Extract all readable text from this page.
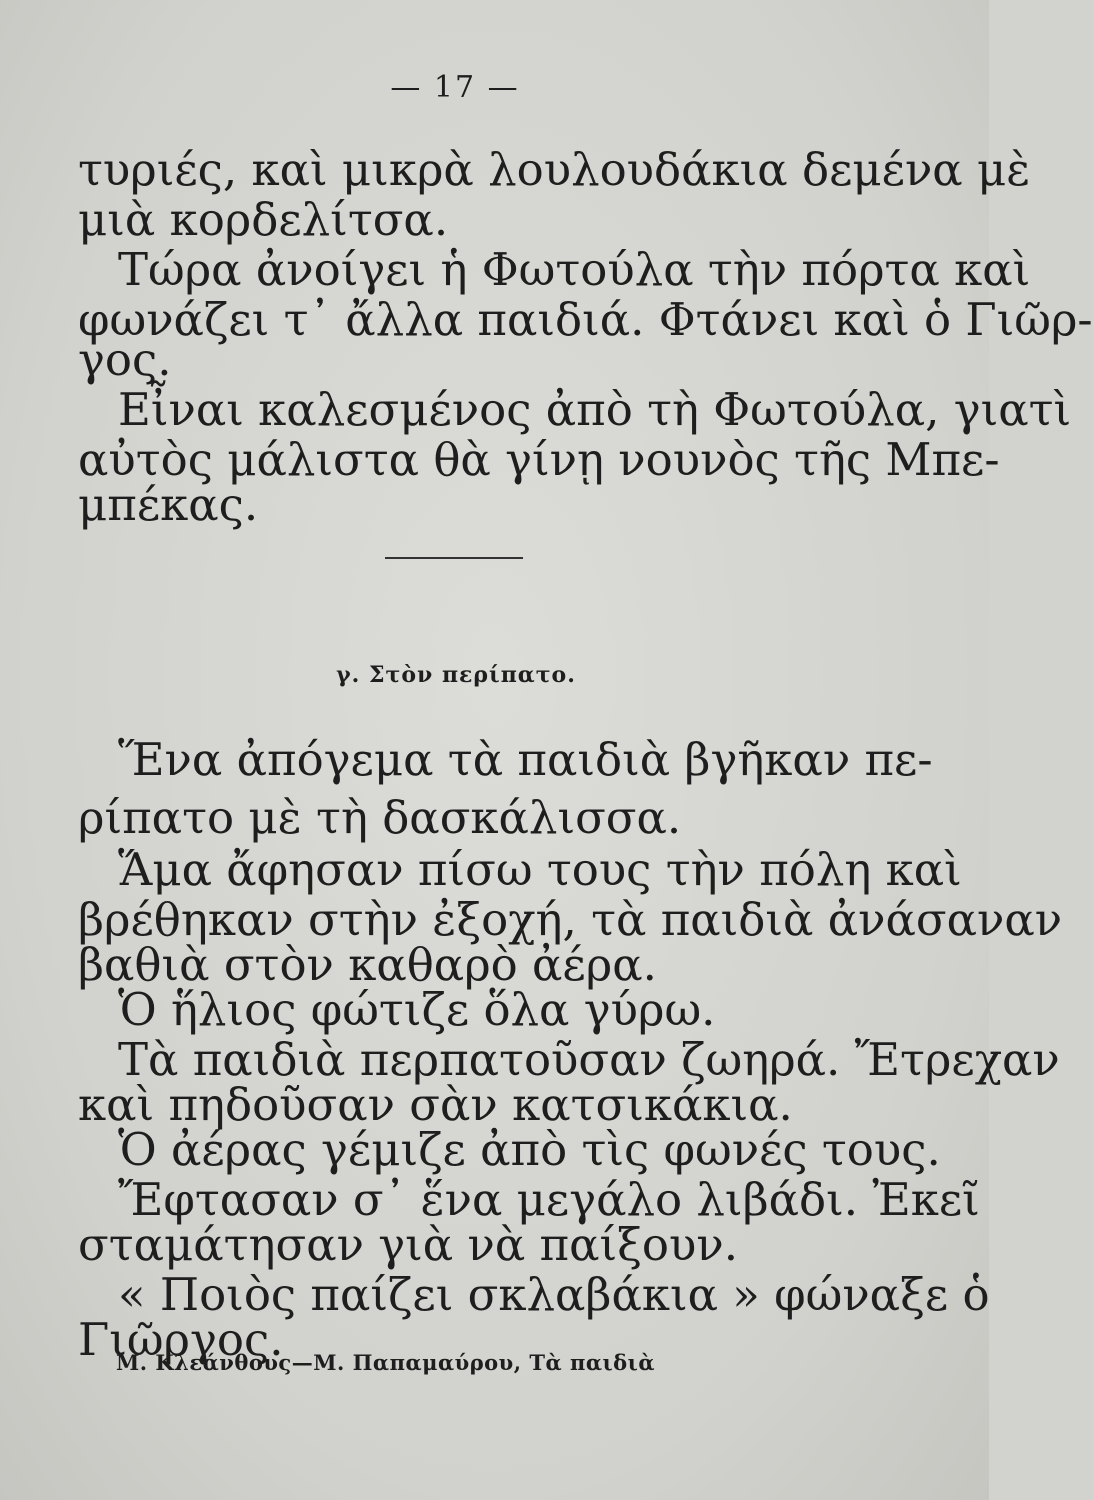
— 17 —
τυριές, καὶ μικρὰ λουλουδάκια δεμένα μὲ
μιὰ κορδελίτσα.
Τώρα ἀνοίγει ἡ Φωτούλα τὴν πόρτα καὶ
φωνάζει τ᾽ ἄλλα παιδιά. Φτάνει καὶ ὁ Γιῶρ-
γος.
Εἶναι καλεσμένος ἀπὸ τὴ Φωτούλα, γιατὶ
αὐτὸς μάλιστα θὰ γίνῃ νουνὸς τῆς Μπε-
μπέκας.
γ. Στὸν περίπατο.
Ἕνα ἀπόγεμα τὰ παιδιὰ βγῆκαν πε-
ρίπατο μὲ τὴ δασκάλισσα.
Ἅμα ἄφησαν πίσω τους τὴν πόλη καὶ
βρέθηκαν στὴν ἐξοχή, τὰ παιδιὰ ἀνάσαναν
βαθιὰ στὸν καθαρὸ ἀέρα.
Ὁ ἥλιος φώτιζε ὅλα γύρω.
Τὰ παιδιὰ περπατοῦσαν ζωηρά. Ἔτρεχαν
καὶ πηδοῦσαν σὰν κατσικάκια.
Ὁ ἀέρας γέμιζε ἀπὸ τὶς φωνές τους.
Ἔφτασαν σ᾽ ἕνα μεγάλο λιβάδι. Ἐκεῖ
σταμάτησαν γιὰ νὰ παίξουν.
« Ποιὸς παίζει σκλαβάκια » φώναξε ὁ
Γιῶργος.
Μ. Κλεάνθους—Μ. Παπαμαύρου, Τὰ παιδιὰ
